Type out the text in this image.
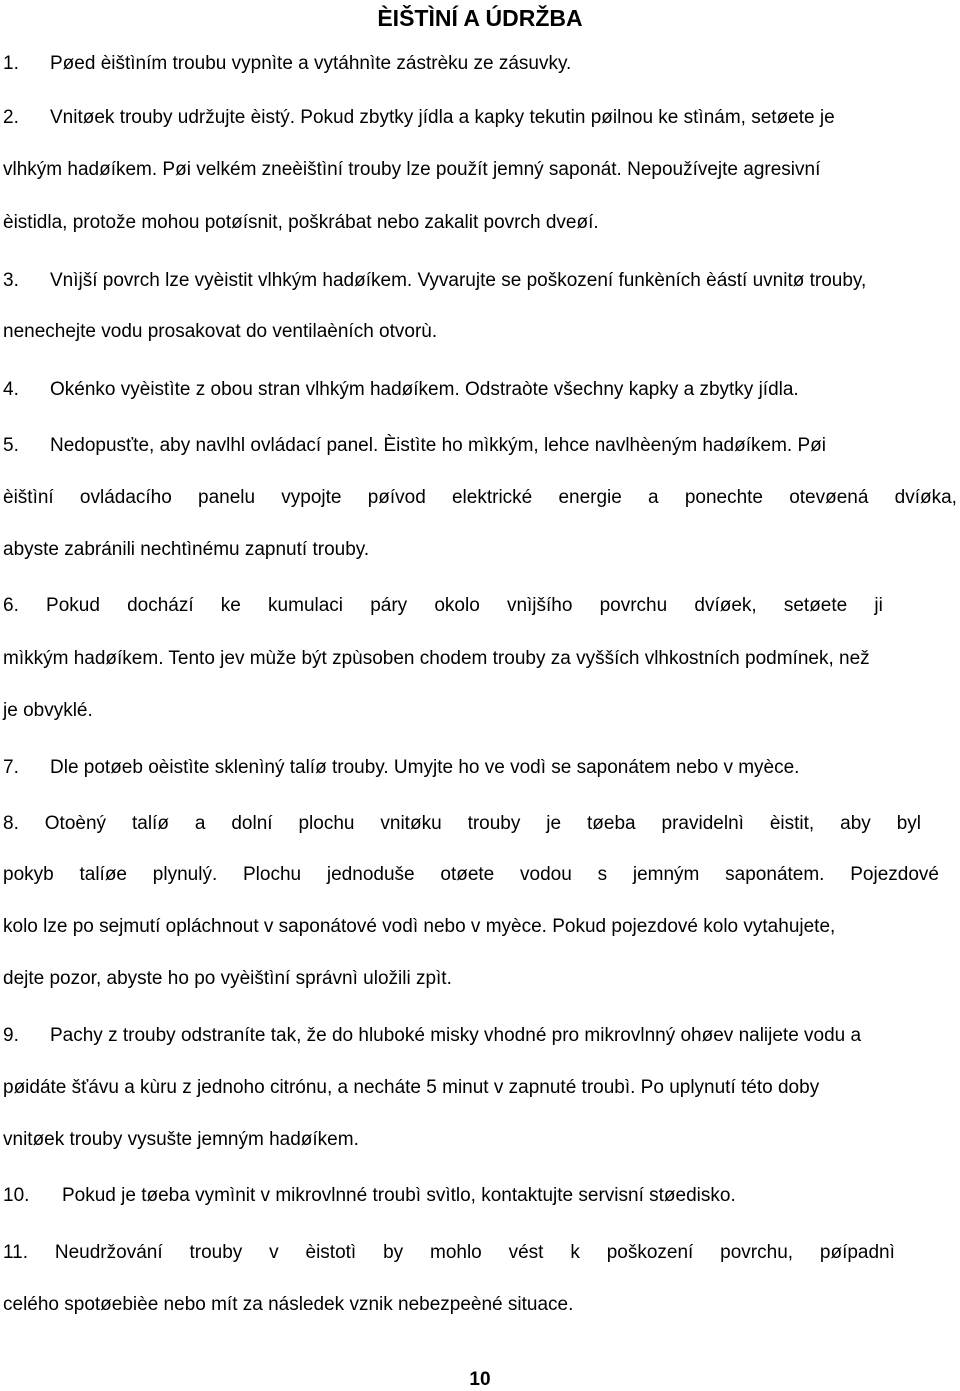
ÈIŠTÌNÍ A ÚDRŽBA
1. Pøed èištìním troubu vypnìte a vytáhnìte zástrèku ze zásuvky.
2. Vnitøek trouby udržujte èistý. Pokud zbytky jídla a kapky tekutin pøilnou ke stìnám, setøete je
vlhkým hadøíkem. Pøi velkém zneèištìní trouby lze použít jemný saponát. Nepoužívejte agresivní
èistidla, protože mohou potøísnit, poškrábat nebo zakalit povrch dveøí.
3. Vnìjší povrch lze vyèistit vlhkým hadøíkem. Vyvarujte se poškození funkèních èástí uvnitø trouby,
nenechejte vodu prosakovat do ventilaèních otvorù.
4. Okénko vyèistìte z obou stran vlhkým hadøíkem. Odstraòte všechny kapky a zbytky jídla.
5. Nedopusťte, aby navlhl ovládací panel. Èistìte ho mìkkým, lehce navlhèeným hadøíkem. Pøi
èištìní ovládacího panelu vypojte pøívod elektrické energie a ponechte otevøená dvíøka,
abyste zabránili nechtìnému zapnutí trouby.
6. Pokud dochází ke kumulaci páry okolo vnìjšího povrchu dvíøek, setøete ji
mìkkým hadøíkem. Tento jev mùže být zpùsoben chodem trouby za vyšších vlhkostních podmínek, než
je obvyklé.
7. Dle potøeb oèistìte sklenìný talíø trouby. Umyjte ho ve vodì se saponátem nebo v myèce.
8. Otoèný talíø a dolní plochu vnitøku trouby je tøeba pravidelnì èistit, aby byl
pokyb talíøe plynulý. Plochu jednoduše otøete vodou s jemným saponátem. Pojezdové
kolo lze po sejmutí opláchnout v saponátové vodì nebo v myèce. Pokud pojezdové kolo vytahujete,
dejte pozor, abyste ho po vyèištìní správnì uložili zpìt.
9. Pachy z trouby odstraníte tak, že do hluboké misky vhodné pro mikrovlnný ohøev nalijete vodu a
pøidáte šťávu a kùru z jednoho citrónu, a necháte 5 minut v zapnuté troubì. Po uplynutí této doby
vnitøek trouby vysušte jemným hadøíkem.
10. Pokud je tøeba vymìnit v mikrovlnné troubì svìtlo, kontaktujte servisní støedisko.
11. Neudržování trouby v èistotì by mohlo vést k poškození povrchu, pøípadnì
celého spotøebièe nebo mít za následek vznik nebezpeèné situace.
10
